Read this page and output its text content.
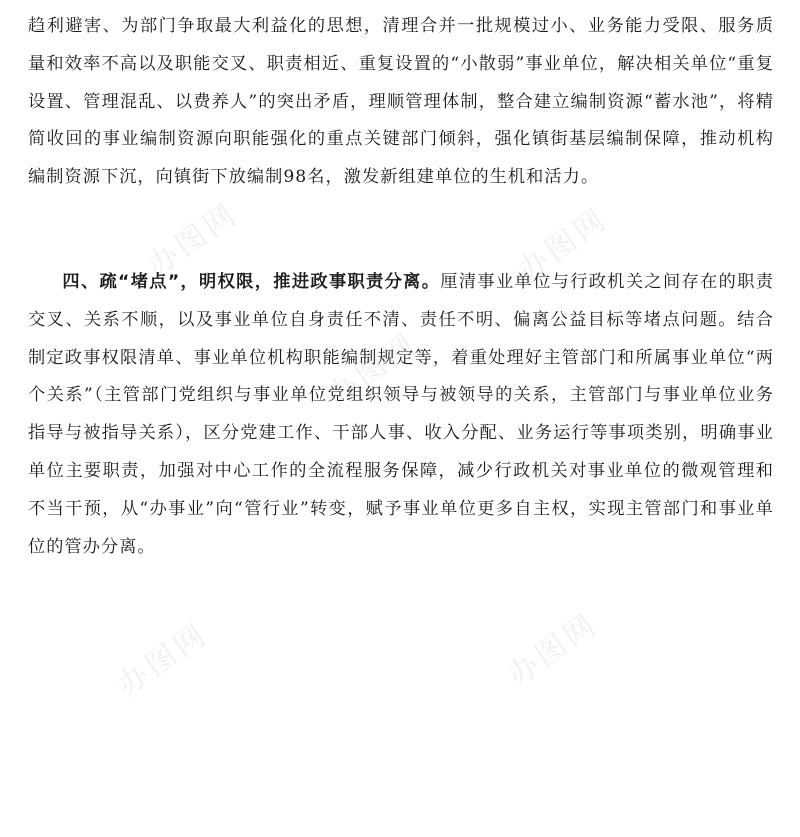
趋利避害、为部门争取最大利益化的思想，清理合并一批规模过小、业务能力受限、服务质量和效率不高以及职能交叉、职责相近、重复设置的“小散弱”事业单位，解决相关单位“重复设置、管理混乱、以费养人”的突出矛盾，理顺管理体制，整合建立编制资源“蓄水池”，将精简收回的事业编制资源向职能强化的重点关键部门倾斜，强化镇街基层编制保障，推动机构编制资源下沉，向镇街下放编制98名，激发新组建单位的生机和活力。

四、疏“堵点”，明权限，推进政事职责分离。厘清事业单位与行政机关之间存在的职责交叉、关系不顺，以及事业单位自身责任不清、责任不明、偏离公益目标等堵点问题。结合制定政事权限清单、事业单位机构职能编制规定等，着重处理好主管部门和所属事业单位“两个关系”（主管部门党组织与事业单位党组织领导与被领导的关系，主管部门与事业单位业务指导与被指导关系），区分党建工作、干部人事、收入分配、业务运行等事项类别，明确事业单位主要职责，加强对中心工作的全流程服务保障，减少行政机关对事业单位的微观管理和不当干预，从“办事业”向“管行业”转变，赋予事业单位更多自主权，实现主管部门和事业单位的管办分离。

办图网
办图网
办图网
办图网	办图网
